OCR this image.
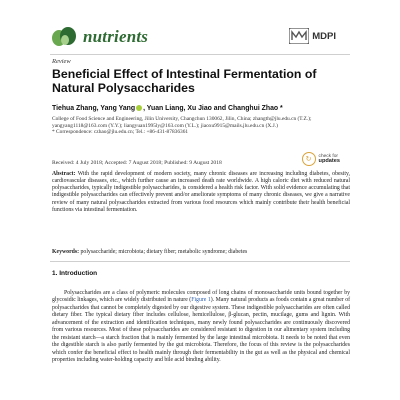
nutrients	MDPI
Review
Beneficial Effect of Intestinal Fermentation of Natural Polysaccharides
Tiehua Zhang, Yang Yang , Yuan Liang, Xu Jiao and Changhui Zhao *

College of Food Science and Engineering, Jilin University, Changchun 130062, Jilin, China; zhangth@jlu.edu.cn (T.Z.); yangyang1118@163.com (Y.Y.); liangyuan1995ly@163.com (Y.L.); jiaoxu9915@mails.jlu.edu.cn (X.J.)

* Correspondence: czhao@jlu.edu.cn; Tel.: +86-431-87836361

Received: 4 July 2018; Accepted: 7 August 2018; Published: 9 August 2018	↻	check for
updates
Abstract: With the rapid development of modern society, many chronic diseases are increasing including diabetes, obesity, cardiovascular diseases, etc., which further cause an increased death rate worldwide. A high caloric diet with reduced natural polysaccharides, typically indigestible polysaccharides, is considered a health risk factor. With solid evidence accumulating that indigestible polysaccharides can effectively prevent and/or ameliorate symptoms of many chronic diseases, we give a narrative review of many natural polysaccharides extracted from various food resources which mainly contribute their health beneficial functions via intestinal fermentation.
Keywords: polysaccharide; microbiota; dietary fiber; metabolic syndrome; diabetes
1. Introduction
Polysaccharides are a class of polymeric molecules composed of long chains of monosaccharide units bound together by glycosidic linkages, which are widely distributed in nature (Figure 1). Many natural products as foods contain a great number of polysaccharides that cannot be completely digested by our digestive system. These indigestible polysaccharides are often called dietary fiber. The typical dietary fiber includes cellulose, hemicellulose, β-glucan, pectin, mucilage, gums and lignin. With advancement of the extraction and identification techniques, many newly found polysaccharides are continuously discovered from various resources. Most of these polysaccharides are considered resistant to digestion in our alimentary system including the resistant starch—a starch fraction that is mainly fermented by the large intestinal microbiota. It needs to be noted that even the digestible starch is also partly fermented by the gut microbiota. Therefore, the focus of this review is the polysaccharides which confer the beneficial effect to health mainly through their fermentability in the gut as well as the physical and chemical properties including water-holding capacity and bile acid binding ability.
